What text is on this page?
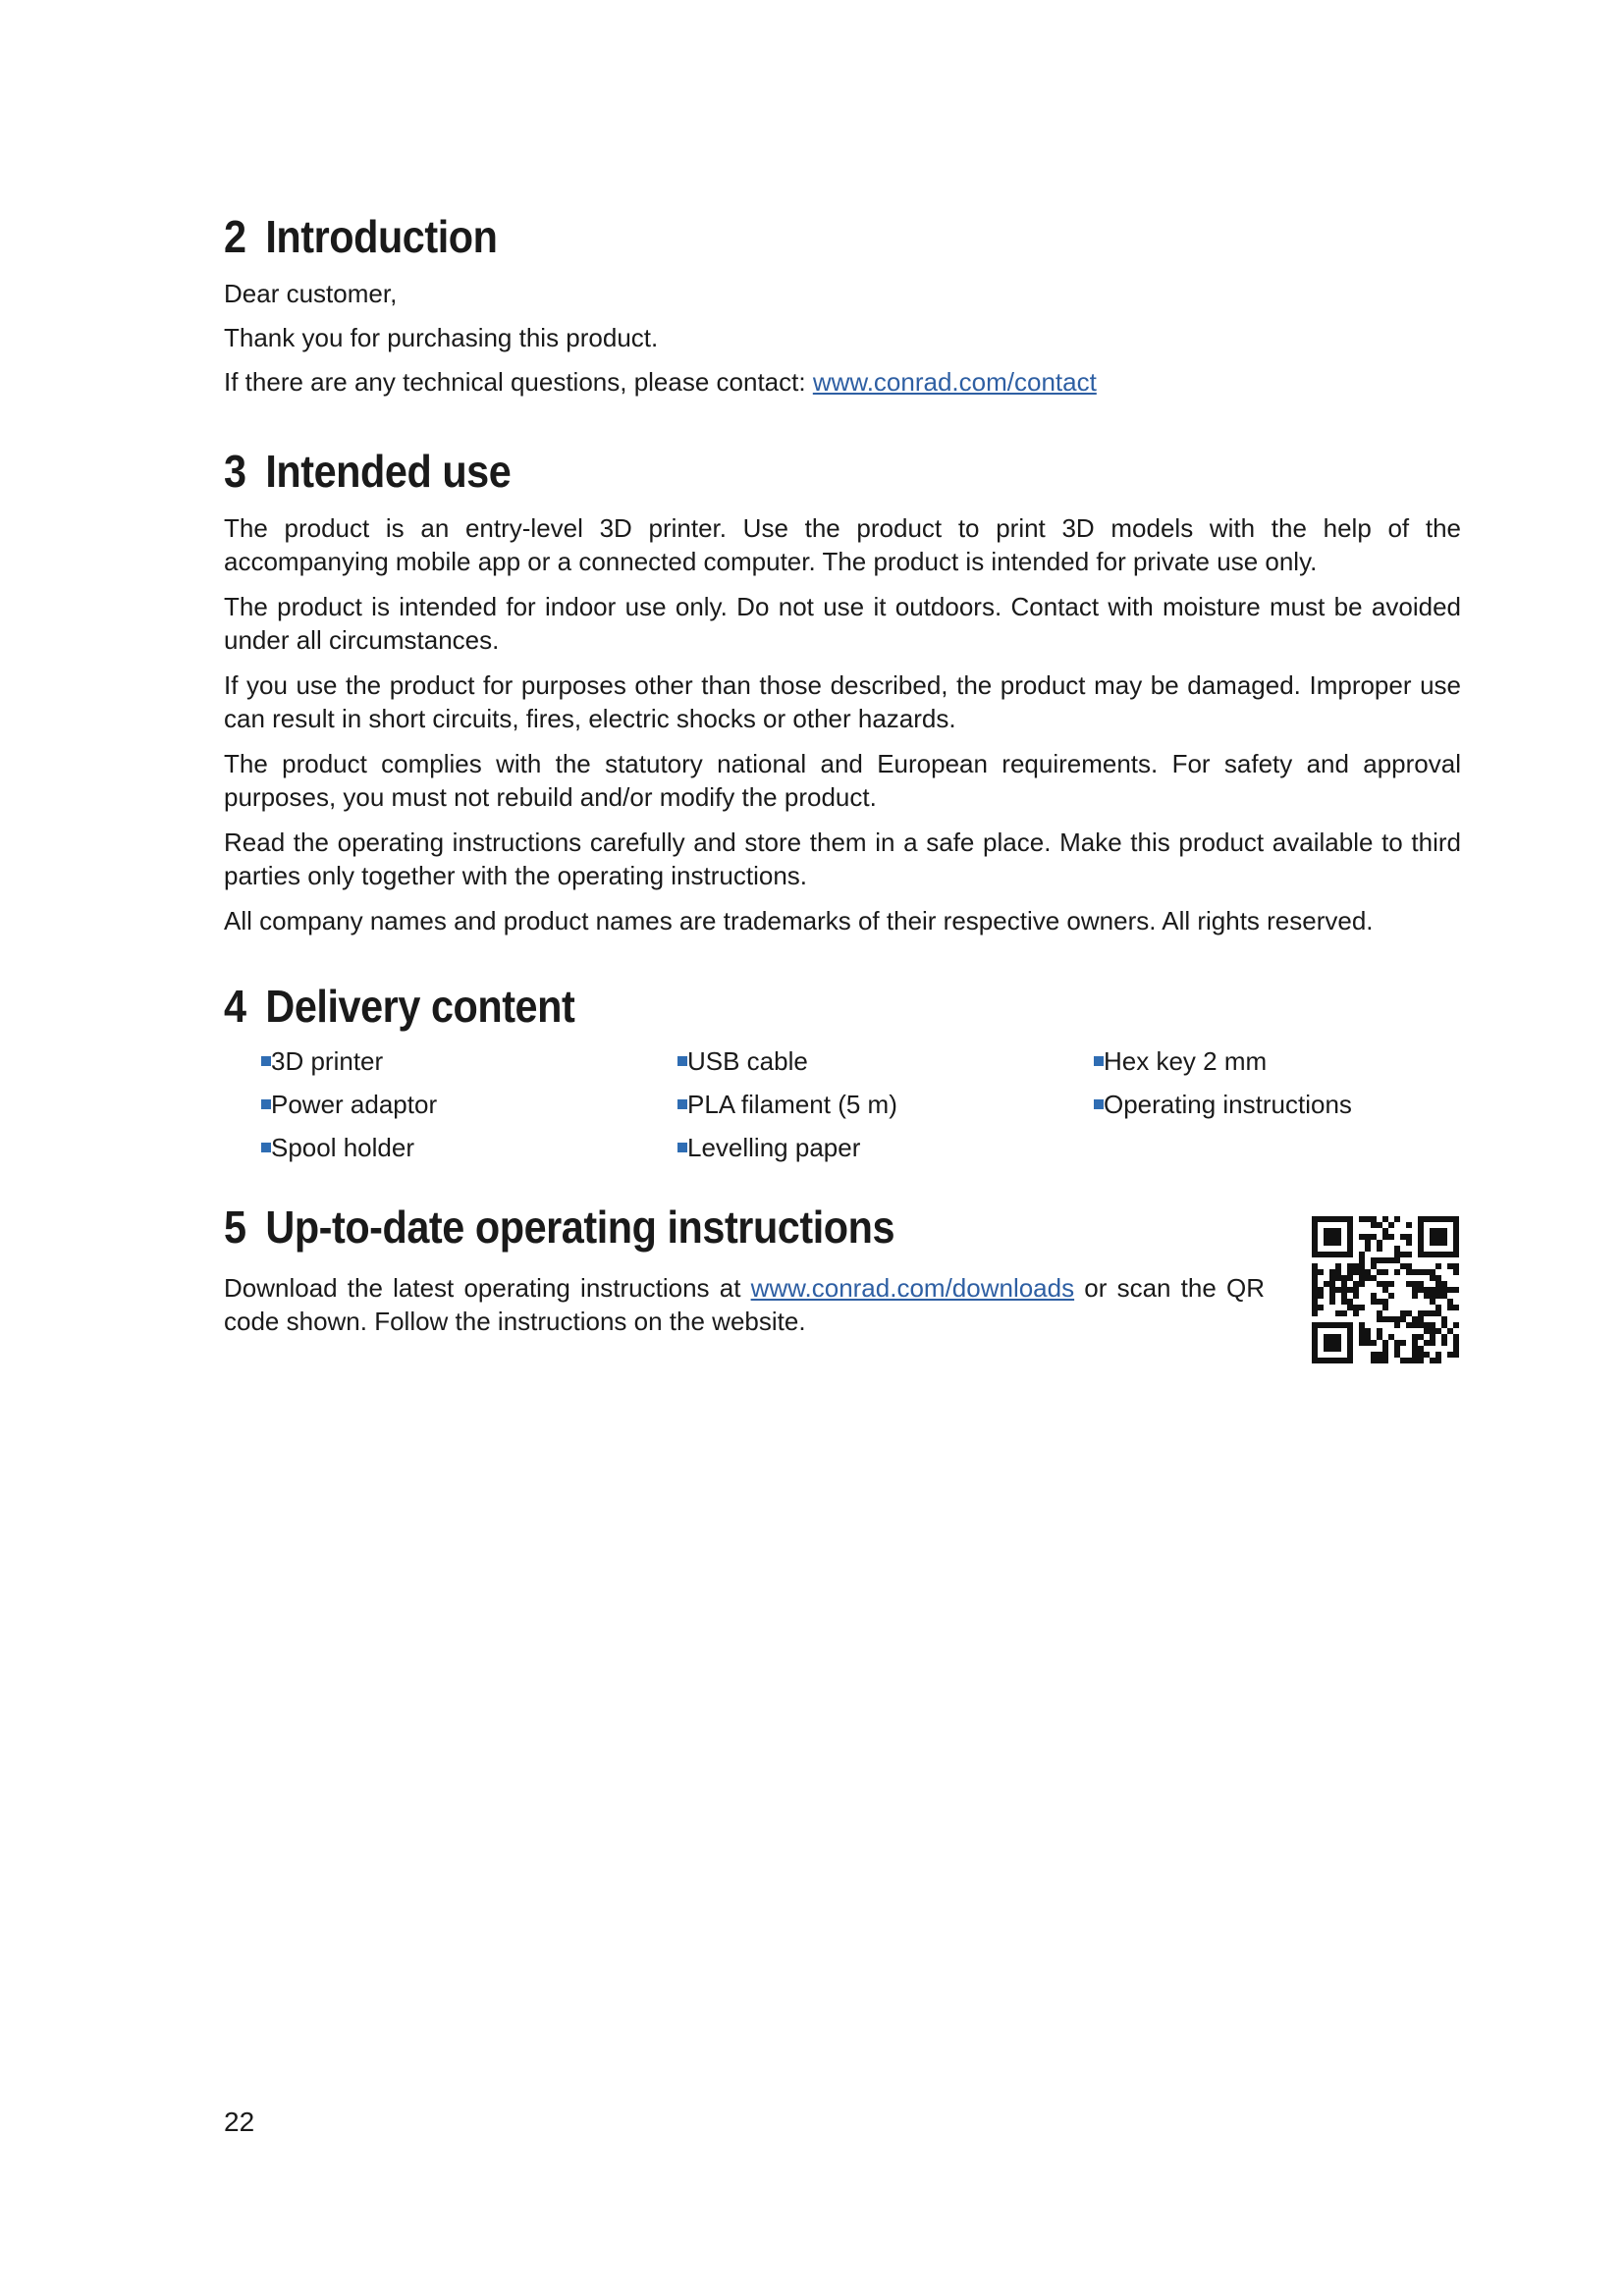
2 Introduction

Dear customer,

Thank you for purchasing this product.

If there are any technical questions, please contact: www.conrad.com/contact

3 Intended use

The product is an entry-level 3D printer. Use the product to print 3D models with the help of the accompanying mobile app or a connected computer. The product is intended for private use only.

The product is intended for indoor use only. Do not use it outdoors. Contact with moisture must be avoided under all circumstances.

If you use the product for purposes other than those described, the product may be damaged. Improper use can result in short circuits, fires, electric shocks or other hazards.

The product complies with the statutory national and European requirements. For safety and approval purposes, you must not rebuild and/or modify the product.

Read the operating instructions carefully and store them in a safe place. Make this product available to third parties only together with the operating instructions.

All company names and product names are trademarks of their respective owners. All rights reserved.

4 Delivery content
3D printer	USB cable	Hex key 2 mm
Power adaptor	PLA filament (5 m)	Operating instructions
Spool holder	Levelling paper
5 Up-to-date operating instructions

Download the latest operating instructions at www.conrad.com/downloads or scan the QR code shown. Follow the instructions on the website.

22
